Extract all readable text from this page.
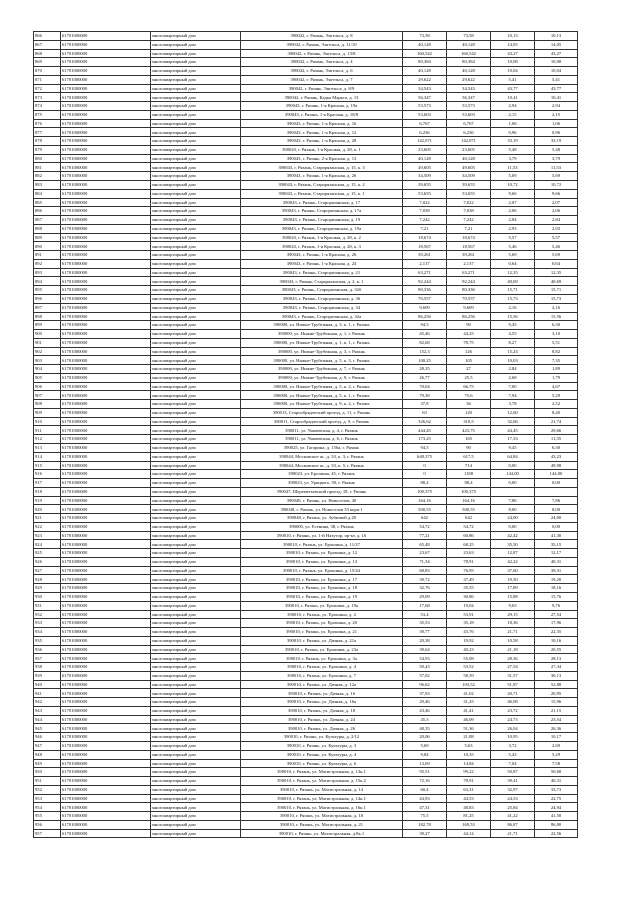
866	61701000000	многоквартирный дом	390042, г. Рязань, Энгельса, д. 8	73,58	73,58	10,13	10,13
867	61701000000	многоквартирный дом	390042, г. Рязань, Энгельса, д. 11/10	40,128	40,128	14,05	14,05
868	61701000000	многоквартирный дом	390042, г. Рязань, Энгельса, д. 13/8	160,542	160,542	43,27	43,27
869	61701000000	многоквартирный дом	390042, г. Рязань, Энгельса, д. 4	80,384	80,384	10,08	10,08
870	61701000000	многоквартирный дом	390042, г. Рязань, Энгельса, д. 6	40,128	40,128	10,04	10,04
871	61701000000	многоквартирный дом	390042, г. Рязань, Энгельса, д. 7	29,622	29,622	5,41	5,41
872	61701000000	многоквартирный дом	390042, г. Рязань, Энгельса, д. 8/9	34,543	34,543	43,77	43,77
873	61701000000	многоквартирный дом	390042, г. Рязань, Кадка Маркса, д. 13	56,347	56,347	10,41	10,41
874	61701000000	многоквартирный дом	390043, г. Рязань, 1-я Красная, д. 19а	53,573	53,573	2,94	2,94
875	61701000000	многоквартирный дом	390043, г. Рязань, 1-я Красная, д. 18/8	53,603	53,603	2,15	2,15
876	61701000000	многоквартирный дом	390043, г. Рязань, 1-я Красная, д. 16	6,767	6,767	1,06	1,06
877	61701000000	многоквартирный дом	390043, г. Рязань, 1-я Красная, д. 12	6,236	6,236	0,96	0,96
878	61701000000	многоквартирный дом	390043, г. Рязань, 1-я Красная, д. 28	142,071	142,071	33,19	33,19
879	61701000000	многоквартирный дом	390043, г. Рязань, 1-я Красная, д. 28, к. 1	23,605	23,605	5,48	5,48
880	61701000000	многоквартирный дом	390043, г. Рязань, 2-я Красная, д. 13	40,128	40,128	3,79	3,79
881	61701000000	многоквартирный дом	390043, г. Рязань, Старорязанская, д. 15, к. 3	49,605	49,605	11,53	11,53
882	61701000000	многоквартирный дом	390043, г. Рязань, 1-я Красная, д. 26	34,509	34,509	5,69	5,69
883	61701000000	многоквартирный дом	390043, г. Рязань, Старорязанская, д. 15, к. 2	39,655	39,655	10,72	10,72
884	61701000000	многоквартирный дом	390043, г. Рязань, Старорязанская, д. 15, к. 1	53,655	53,655	9,66	9,66
885	61701000000	многоквартирный дом	390043, г. Рязань, Старорязанская, д. 17	7,022	7,022	2,07	2,07
886	61701000000	многоквартирный дом	390043, г. Рязань, Старорязанская, д. 17а	7,038	7,038	2,06	2,06
887	61701000000	многоквартирный дом	390043, г. Рязань, Старорязанская, д. 19	7,242	7,242	2,84	2,84
888	61701000000	многоквартирный дом	390043, г. Рязань, Старорязанская, д. 19а	7,21	7,21	2,93	2,93
889	61701000000	многоквартирный дом	390043, г. Рязань, 1-я Красная, д. 28, к. 2	18,674	18,674	5,57	5,57
890	61701000000	многоквартирный дом	390043, г. Рязань, 1-я Красная, д. 28, к. 3	18,567	18,567	5,46	5,46
891	61701000000	многоквартирный дом	390043, г. Рязань, 1-я Красная, д. 26	39,261	39,261	5,69	5,69
892	61701000000	многоквартирный дом	390043, г. Рязань, 1-я Красная, д. 24	2,137	2,137	0,64	0,64
893	61701000000	многоквартирный дом	390043, г. Рязань, Старорязанская, д. 21	63,271	63,271	12,35	12,35
894	61701000000	многоквартирный дом	390043, г. Рязань, Старорязанская, д. 2, к. 1	92,244	92,244	40,69	40,69
895	61701000000	многоквартирный дом	390043, г. Рязань, Старорязанская, д. 32б	80,336	80,336	15,71	15,71
896	61701000000	многоквартирный дом	390043, г. Рязань, Старорязанская, д. 36	70,557	70,557	15,73	15,73
897	61701000000	многоквартирный дом	390043, г. Рязань, Старорязанская, д. 34	9,609	9,609	2,16	2,16
898	61701000000	многоквартирный дом	390043, г. Рязань, Старорязанская, д. 32а	86,256	86,256	15,56	15,56
899	61701000000	многоквартирный дом	390000, ул. Нижне-Трубежная, д. 3, к. 1, г. Рязань	94,5	90	9,45	6,30
900	61701000000	многоквартирный дом	390000, ул. Нижне-Трубежная, д. 1, г. Рязань	45,46	44,25	4,55	3,10
901	61701000000	многоквартирный дом	390000, ул. Нижне-Трубежная, д. 1, к. 1, г. Рязань	82,68	78,75	8,27	5,51
902	61701000000	многоквартирный дом	390000, ул. Нижне-Трубежная, д. 3, г. Рязань	152,3	126	15,23	8,82
903	61701000000	многоквартирный дом	390000, ул. Нижне-Трубежная, д. 5, к. 3, г. Рязань	100,25	105	10,03	7,35
904	61701000000	многоквартирный дом	390000, ул. Нижне-Трубежная, д. 7, г. Рязань	28,35	27	2,84	1,89
905	61701000000	многоквартирный дом	390000, ул. Нижне-Трубежная, д. 9, г. Рязань	26,77	25,5	2,68	1,79
906	61701000000	многоквартирный дом	390000, ул. Нижне-Трубежная, д. 5, к. 2, г. Рязань	70,04	66,75	7,00	4,67
907	61701000000	многоквартирный дом	390000, ул. Нижне-Трубежная, д. 5, к. 1, г. Рязань	79,38	75,6	7,94	5,29
908	61701000000	многоквартирный дом	390000, ул. Нижне-Трубежная, д. 9, к. 2, г. Рязань	37,8	36	3,78	2,52
909	61701000000	многоквартирный дом	390013, Старообрядческий проезд, д. 11, г. Рязань	63	120	12,60	8,40
910	61701000000	многоквартирный дом	390011, Старообрядческий проезд, д. 9, г. Рязань	326,62	310,5	32,66	21,74
911	61701000000	многоквартирный дом	390011, ул. Чапаевская, д. 4, г. Рязань	444,45	423,75	44,45	29,66
912	61701000000	многоквартирный дом	390011, ул. Чапаевская, д. 6, г. Рязань	173,25	165	17,33	11,55
913	61701000000	многоквартирный дом	390025, ул. Гагарина, д. 156а, г. Рязань	94,5	90	9,45	6,30
914	61701000000	многоквартирный дом	390044, Московское ш., д. 33, к. 3, г. Рязань	648,375	617,5	64,84	43,23
915	61701000000	многоквартирный дом	390044, Московское ш., д. 33, к. 5, г. Рязань	0	714	0,00	49,98
916	61701000000	многоквартирный дом	390023, ул. Ерошина, 45, г. Рязань	0	1188	144,00	144,00
917	61701000000	многоквартирный дом	390023, ул. Урицкого, 50, г. Рязань	88,4	88,4	0,00	0,00
918	61701000000	многоквартирный дом	390047, Шереметьевский проезд, 18, г. Рязань	100,375	100,375		
919	61701000000	многоквартирный дом	390048, г. Рязань, ул. Новоселов, 40	164,16	164,16	7,86	7,86
920	61701000000	многоквартирный дом	390048, г. Рязань, ул. Новоселов 33 корп.1	500,55	500,55	8,00	8,00
921	61701000000	многоквартирный дом	390048, г. Рязань, ул. Зубковой д.28	642	642	24,00	24,00
922	61701000000	многоквартирный дом	390000, ул. Есенина, 38, г. Рязань	54,72	54,72	0,00	0,00
923	61701000000	многоквартирный дом	390010, г. Рязань, ул. 1-й Нахутор, пр-кт, д. 16	77,21	60,86	42,42	41,30
924	61701000000	многоквартирный дом	390010, г. Рязань, ул. Ерошина, д. 11/37	65,48	68,25	35,50	35,15
925	61701000000	многоквартирный дом	390010, г. Рязань, ул. Ерошина, д. 12	23,67	23,63	12,87	12,17
926	61701000000	многоквартирный дом	390010, г. Рязань, ул. Ерошина, д. 13	71,34	78,91	42,22	40,31
927	61701000000	многоквартирный дом	390010, г. Рязань, ул. Ерошина, д. 15/44	68,83	76,95	37,60	39,31
928	61701000000	многоквартирный дом	390010, г. Рязань, ул. Ерошина, д. 17	39,72	37,49	19,50	19,20
929	61701000000	многоквартирный дом	390010, г. Рязань, ул. Ерошина, д. 18	32,76	35,55	17,89	18,16
930	61701000000	многоквартирный дом	390010, г. Рязань, ул. Ерошина, д. 19	29,09	30,86	15,88	15,76
931	61701000000	многоквартирный дом	390010, г. Рязань, ул. Ерошина, д. 19а	17,68	19,04	9,65	9,76
932	61701000000	многоквартирный дом	390010, г. Рязань, ул. Ерошина, д. 2	53,4	53,91	29,15	27,54
933	61701000000	многоквартирный дом	390010, г. Рязань, ул. Ерошина, д. 20	35,53	35,18	18,36	17,96
934	61701000000	многоквартирный дом	390010, г. Рязань, ул. Ерошина, д. 21	39,77	43,76	21,71	22,35
935	61701000000	многоквартирный дом	390010, г. Рязань, ул. Дачная, д. 21а	20,38	19,92	10,58	10,16
936	61701000000	многоквартирный дом	390010, г. Рязань, ул. Ерошина, д. 23а	39,64	40,23	21,18	20,55
937	61701000000	многоквартирный дом	390010, г. Рязань, ул. Ерошина, д. 3а	54,93	55,08	28,36	28,13
938	61701000000	многоквартирный дом	390010, г. Рязань, ул. Ерошина, д. 4	50,43	53,52	27,54	27,34
939	61701000000	многоквартирный дом	390010, г. Рязань, ул. Ерошина, д. 7	57,02	58,39	31,57	30,13
940	61701000000	многоквартирный дом	390010, г. Рязань, ул. Дачная, д. 12а	96,62	103,52	51,87	52,88
941	61701000000	многоквартирный дом	390010, г. Рязань, ул. Дачная, д. 16	37,93	41,02	20,71	20,95
942	61701000000	многоквартирный дом	390010, г. Рязань, ул. Дачная, д. 16а	29,46	31,25	46,08	15,96
943	61701000000	многоквартирный дом	390010, г. Рязань, ул. Дачная, д. 18	43,46	41,41	23,72	21,15
944	61701000000	многоквартирный дом	390010, г. Рязань, ул. Дачная, д. 24	45,3	46,09	24,73	23,54
945	61701000000	многоквартирный дом	390010, г. Рязань, ул. Дачная, д. 26	48,35	51,36	26,04	26,36
946	61701000000	многоквартирный дом	390010, г. Рязань, ул. Культуры, д. 2/12	20,06	21,88	10,95	10,17
947	61701000000	многоквартирный дом	390010, г. Рязань, ул. Культуры, д. 3	5,69	5,63	3,72	2,69
948	61701000000	многоквартирный дом	390010, г. Рязань, ул. Культуры, д. 4	9,84	10,35	5,43	5,29
949	61701000000	многоквартирный дом	390010, г. Рязань, ул. Культуры, д. 6	13,69	14,84	7,04	7,58
950	61701000000	многоквартирный дом	390010, г. Рязань, ул. Магистральная, д. 13к.1	95,51	99,22	50,87	50,68
951	61701000000	многоквартирный дом	390010, г. Рязань, ул. Магистральная, д. 15к.2	72,16	78,91	39,41	40,31
952	61701000000	многоквартирный дом	390010, г. Рязань, ул. Магистральная, д. 14	60,4	63,31	32,97	33,73
953	61701000000	многоквартирный дом	390010, г. Рязань, ул. Магистральная, д. 14к.1	44,93	44,53	24,53	22,75
954	61701000000	многоквартирный дом	390010, г. Рязань, ул. Магистральная, д. 16к.1	47,31	48,83	25,84	24,94
955	61701000000	многоквартирный дом	390010, г. Рязань, ул. Магистральная, д. 18	75,5	81,25	41,22	41,50
956	61701000000	многоквартирный дом	390010, г. Рязань, ул. Магистральная, д. 21	182,78	169,53	86,87	86,80
957	61701000000	многоквартирный дом	390010, г. Рязань, ул. Магистральная, д.8к.1	39,27	44,14	21,71	22,56
